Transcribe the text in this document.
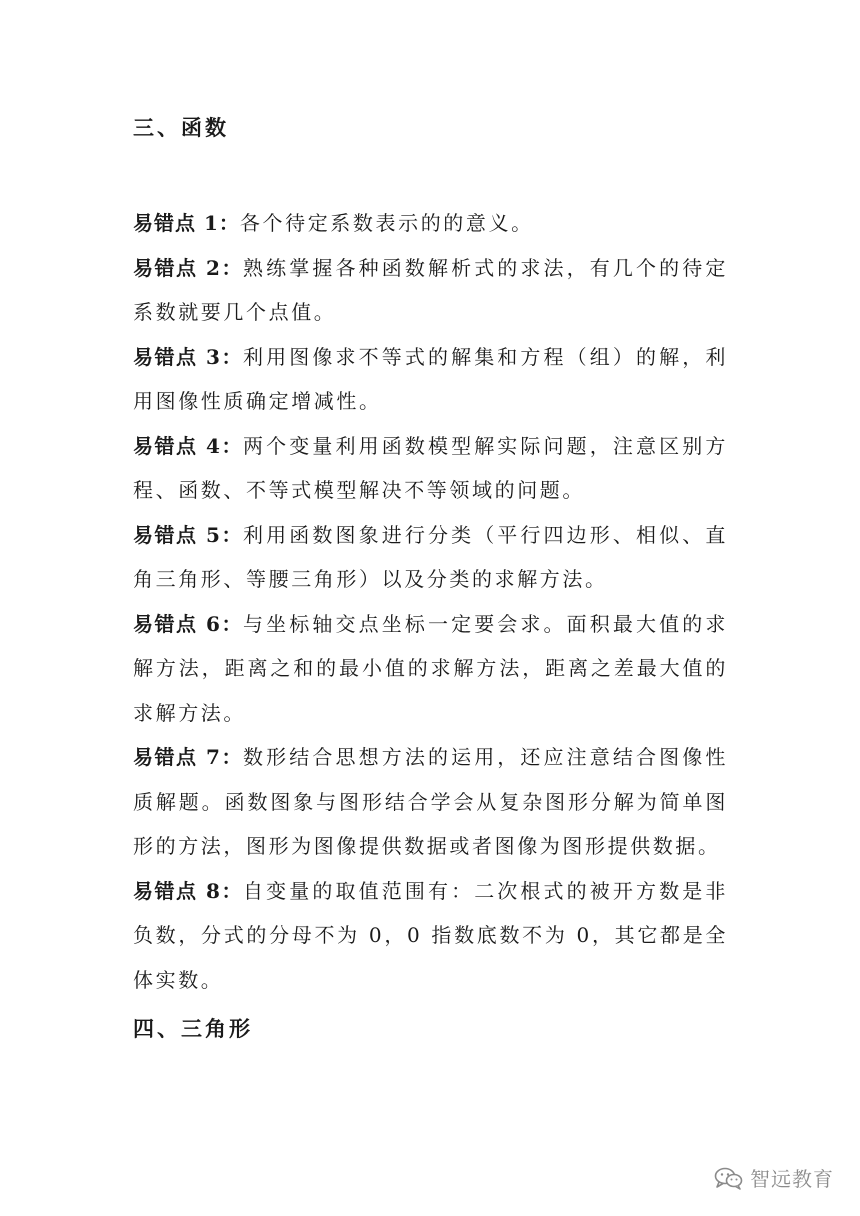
三、函数

易错点 1：各个待定系数表示的的意义。

易错点 2：熟练掌握各种函数解析式的求法，有几个的待定系数就要几个点值。

易错点 3：利用图像求不等式的解集和方程（组）的解，利用图像性质确定增减性。

易错点 4：两个变量利用函数模型解实际问题，注意区别方程、函数、不等式模型解决不等领域的问题。

易错点 5：利用函数图象进行分类（平行四边形、相似、直角三角形、等腰三角形）以及分类的求解方法。

易错点 6：与坐标轴交点坐标一定要会求。面积最大值的求解方法，距离之和的最小值的求解方法，距离之差最大值的求解方法。

易错点 7：数形结合思想方法的运用，还应注意结合图像性质解题。函数图象与图形结合学会从复杂图形分解为简单图形的方法，图形为图像提供数据或者图像为图形提供数据。

易错点 8：自变量的取值范围有：二次根式的被开方数是非负数，分式的分母不为 0，0 指数底数不为 0，其它都是全体实数。

四、三角形
智远教育
